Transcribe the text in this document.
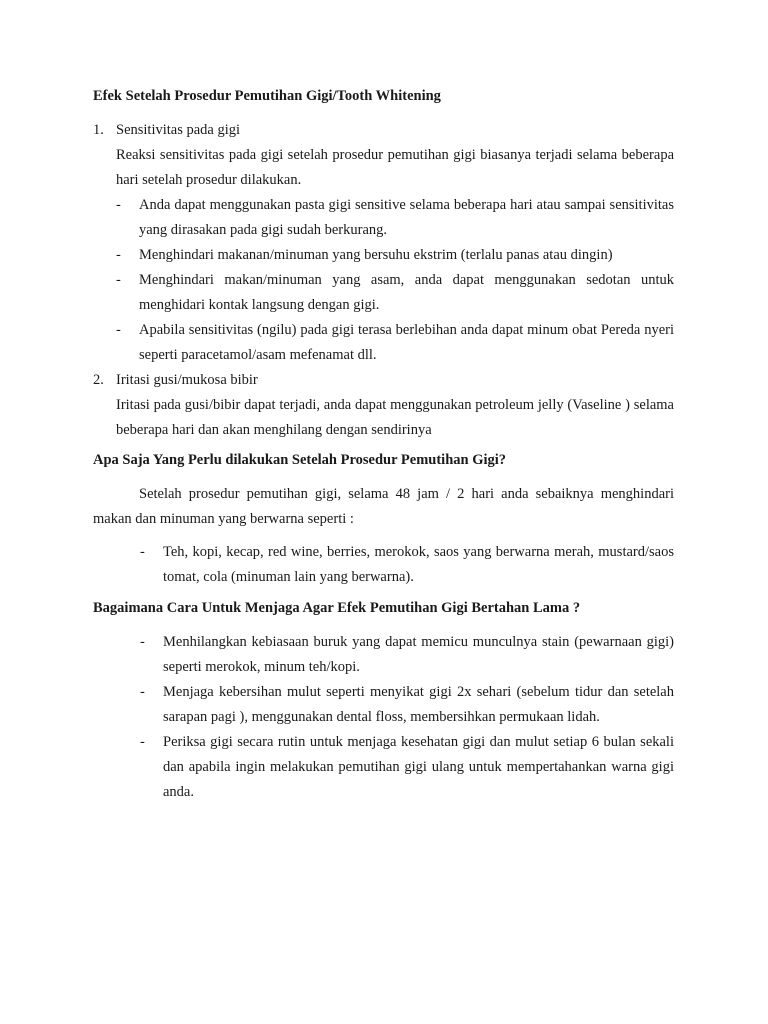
Efek Setelah Prosedur Pemutihan Gigi/Tooth Whitening

1. Sensitivitas pada gigi
Reaksi sensitivitas pada gigi setelah prosedur pemutihan gigi biasanya terjadi selama beberapa hari setelah prosedur dilakukan.
- Anda dapat menggunakan pasta gigi sensitive selama beberapa hari atau sampai sensitivitas yang dirasakan pada gigi sudah berkurang.
- Menghindari makanan/minuman yang bersuhu ekstrim (terlalu panas atau dingin)
- Menghindari makan/minuman yang asam, anda dapat menggunakan sedotan untuk menghidari kontak langsung dengan gigi.
- Apabila sensitivitas (ngilu) pada gigi terasa berlebihan anda dapat minum obat Pereda nyeri seperti paracetamol/asam mefenamat dll.
2. Iritasi gusi/mukosa bibir
Iritasi pada gusi/bibir dapat terjadi, anda dapat menggunakan petroleum jelly (Vaseline ) selama beberapa hari dan akan menghilang dengan sendirinya

Apa Saja Yang Perlu dilakukan Setelah Prosedur Pemutihan Gigi?

Setelah prosedur pemutihan gigi, selama 48 jam / 2 hari anda sebaiknya menghindari makan dan minuman yang berwarna seperti :
- Teh, kopi, kecap, red wine, berries, merokok, saos yang berwarna merah, mustard/saos tomat, cola (minuman lain yang berwarna).

Bagaimana Cara Untuk Menjaga Agar Efek Pemutihan Gigi Bertahan Lama ?

- Menhilangkan kebiasaan buruk yang dapat memicu munculnya stain (pewarnaan gigi) seperti merokok, minum teh/kopi.
- Menjaga kebersihan mulut seperti menyikat gigi 2x sehari (sebelum tidur dan setelah sarapan pagi ), menggunakan dental floss, membersihkan permukaan lidah.
- Periksa gigi secara rutin untuk menjaga kesehatan gigi dan mulut setiap 6 bulan sekali dan apabila ingin melakukan pemutihan gigi ulang untuk mempertahankan warna gigi anda.
